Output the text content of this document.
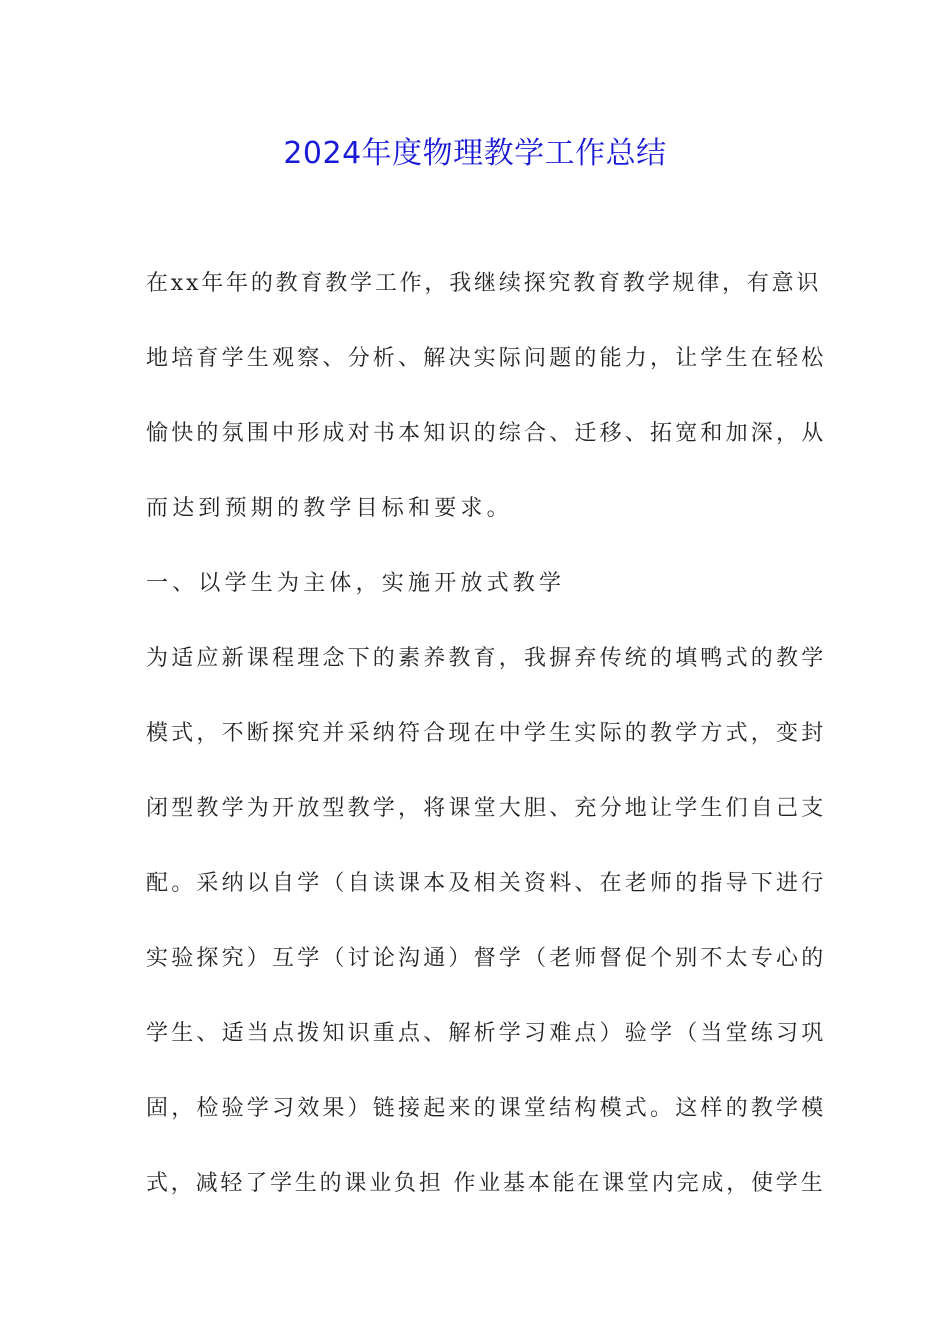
2024年度物理教学工作总结
在xx年年的教育教学工作，我继续探究教育教学规律，有意识
地培育学生观察、分析、解决实际问题的能力，让学生在轻松
愉快的氛围中形成对书本知识的综合、迁移、拓宽和加深，从
而达到预期的教学目标和要求。
一、以学生为主体，实施开放式教学
为适应新课程理念下的素养教育，我摒弃传统的填鸭式的教学
模式，不断探究并采纳符合现在中学生实际的教学方式，变封
闭型教学为开放型教学，将课堂大胆、充分地让学生们自己支
配。采纳以自学（自读课本及相关资料、在老师的指导下进行
实验探究）互学（讨论沟通）督学（老师督促个别不太专心的
学生、适当点拨知识重点、解析学习难点）验学（当堂练习巩
固，检验学习效果）链接起来的课堂结构模式。这样的教学模
式，减轻了学生的课业负担 作业基本能在课堂内完成，使学生
